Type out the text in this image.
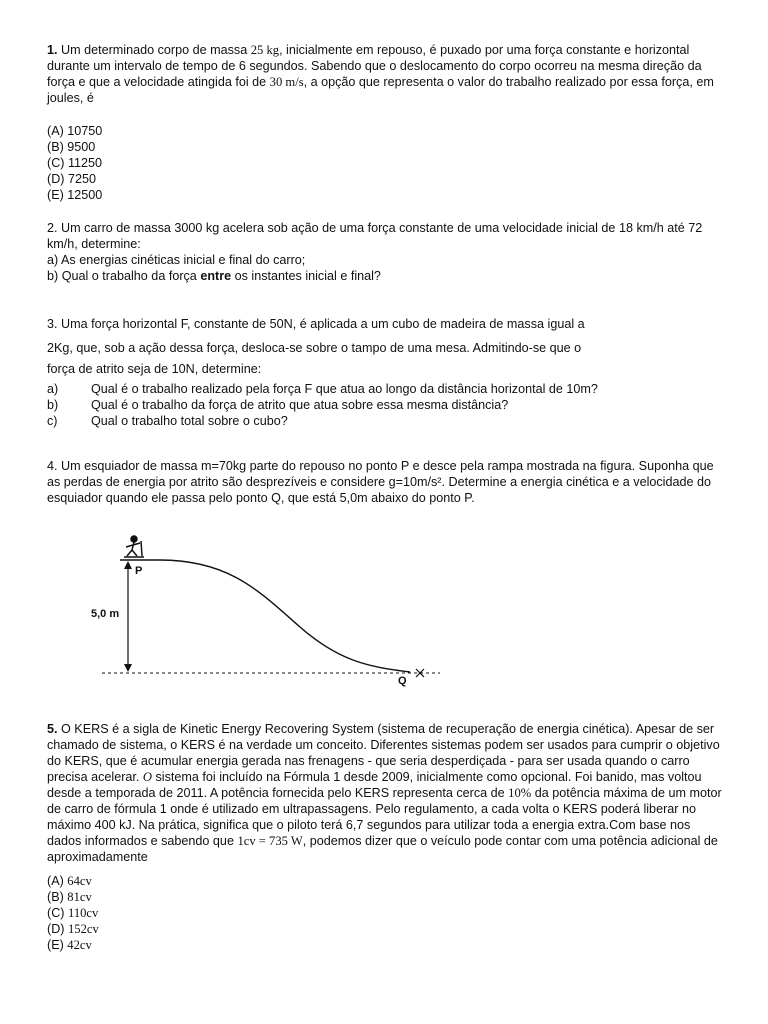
1. Um determinado corpo de massa 25 kg, inicialmente em repouso, é puxado por uma força constante e horizontal durante um intervalo de tempo de 6 segundos. Sabendo que o deslocamento do corpo ocorreu na mesma direção da força e que a velocidade atingida foi de 30 m/s, a opção que representa o valor do trabalho realizado por essa força, em joules, é

(A) 10750
(B) 9500
(C) 11250
(D) 7250
(E) 12500

2. Um carro de massa 3000 kg acelera sob ação de uma força constante de uma velocidade inicial de 18 km/h até 72 km/h, determine:

a) As energias cinéticas inicial e final do carro;

b) Qual o trabalho da força entre os instantes inicial e final?

3. Uma força horizontal F, constante de 50N, é aplicada a um cubo de madeira de massa igual a
2Kg, que, sob a ação dessa força, desloca-se sobre o tampo de uma mesa. Admitindo-se que o
força de atrito seja de 10N, determine:
a)	Qual é o trabalho realizado pela força F que atua ao longo da distância horizontal de 10m?
b)	Qual é o trabalho da força de atrito que atua sobre essa mesma distância?
c)	Qual o trabalho total sobre o cubo?

4. Um esquiador de massa m=70kg parte do repouso no ponto P e desce pela rampa mostrada na figura. Suponha que as perdas de energia por atrito são desprezíveis e considere g=10m/s². Determine a energia cinética e a velocidade do esquiador quando ele passa pelo ponto Q, que está 5,0m abaixo do ponto P.

P
5,0 m
Q

5. O KERS é a sigla de Kinetic Energy Recovering System (sistema de recuperação de energia cinética). Apesar de ser chamado de sistema, o KERS é na verdade um conceito. Diferentes sistemas podem ser usados para cumprir o objetivo do KERS, que é acumular energia gerada nas frenagens - que seria desperdiçada - para ser usada quando o carro precisa acelerar. O sistema foi incluído na Fórmula 1 desde 2009, inicialmente como opcional. Foi banido, mas voltou desde a temporada de 2011. A potência fornecida pelo KERS representa cerca de 10% da potência máxima de um motor de carro de fórmula 1 onde é utilizado em ultrapassagens. Pelo regulamento, a cada volta o KERS poderá liberar no máximo 400 kJ. Na prática, significa que o piloto terá 6,7 segundos para utilizar toda a energia extra.Com base nos dados informados e sabendo que 1cv = 735 W, podemos dizer que o veículo pode contar com uma potência adicional de aproximadamente

(A) 64cv
(B) 81cv
(C) 110cv
(D) 152cv
(E) 42cv
